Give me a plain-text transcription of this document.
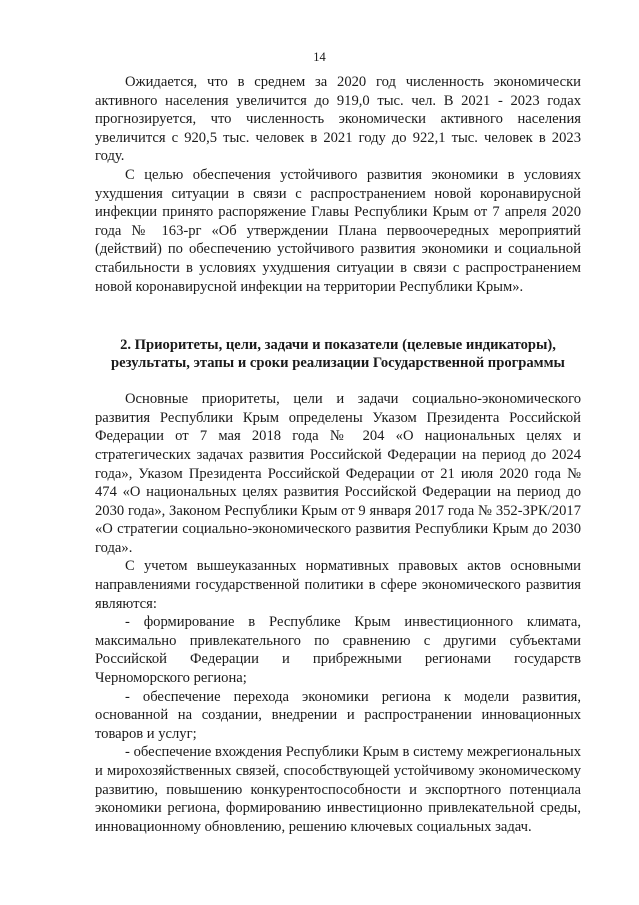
14

Ожидается, что в среднем за 2020 год численность экономически активного населения увеличится до 919,0 тыс. чел. В 2021 - 2023 годах прогнозируется, что численность экономически активного населения увеличится с 920,5 тыс. человек в 2021 году до 922,1 тыс. человек в 2023 году.

С целью обеспечения устойчивого развития экономики в условиях ухудшения ситуации в связи с распространением новой коронавирусной инфекции принято распоряжение Главы Республики Крым от 7 апреля 2020 года № 163-рг «Об утверждении Плана первоочередных мероприятий (действий) по обеспечению устойчивого развития экономики и социальной стабильности в условиях ухудшения ситуации в связи с распространением новой коронавирусной инфекции на территории Республики Крым».

2. Приоритеты, цели, задачи и показатели (целевые индикаторы),
результаты, этапы и сроки реализации Государственной программы

Основные приоритеты, цели и задачи социально-экономического развития Республики Крым определены Указом Президента Российской Федерации от 7 мая 2018 года № 204 «О национальных целях и стратегических задачах развития Российской Федерации на период до 2024 года», Указом Президента Российской Федерации от 21 июля 2020 года № 474 «О национальных целях развития Российской Федерации на период до 2030 года», Законом Республики Крым от 9 января 2017 года № 352-ЗРК/2017 «О стратегии социально-экономического развития Республики Крым до 2030 года».

С учетом вышеуказанных нормативных правовых актов основными направлениями государственной политики в сфере экономического развития являются:

- формирование в Республике Крым инвестиционного климата, максимально привлекательного по сравнению с другими субъектами Российской Федерации и прибрежными регионами государств Черноморского региона;

- обеспечение перехода экономики региона к модели развития, основанной на создании, внедрении и распространении инновационных товаров и услуг;

- обеспечение вхождения Республики Крым в систему межрегиональных и мирохозяйственных связей, способствующей устойчивому экономическому развитию, повышению конкурентоспособности и экспортного потенциала экономики региона, формированию инвестиционно привлекательной среды, инновационному обновлению, решению ключевых социальных задач.
